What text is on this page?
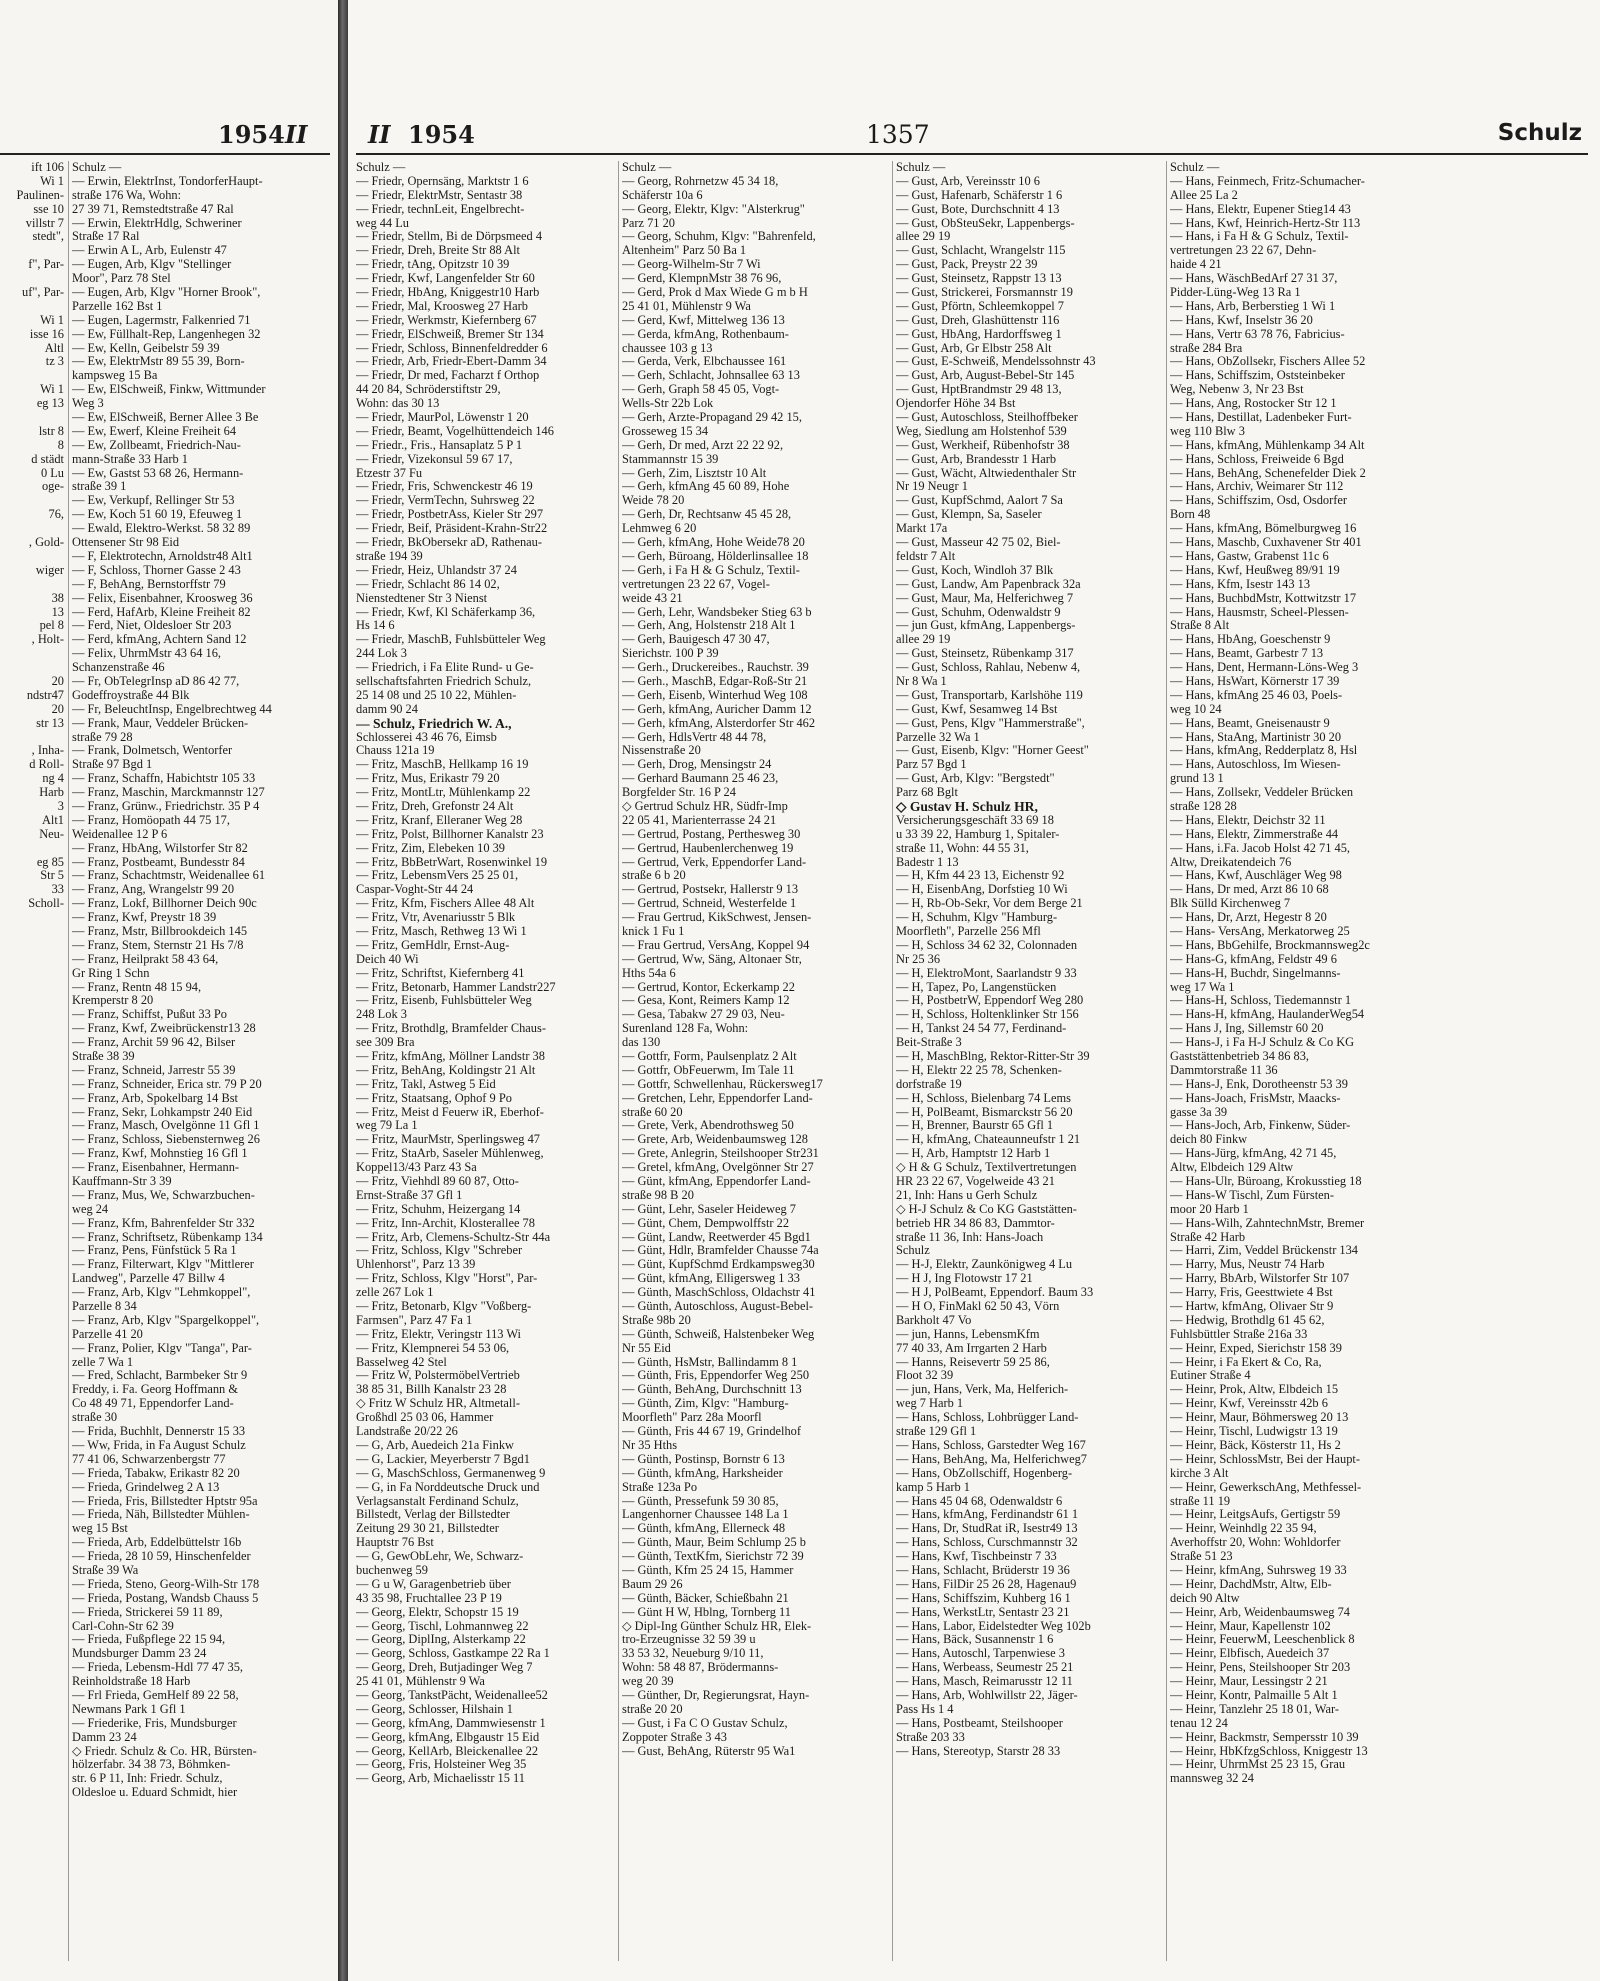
1954 II
ift 106
Wi 1
Paulinen-
sse 10
villstr 7
stedt",
f", Par-
uf", Par-
Wi 1
isse 16
Altl
tz 3
Wi 1
eg 13
lstr 8
8
d städt
0 Lu
oge-
76,
, Gold-
wiger
38
13
pel 8
, Holt-
20
ndstr47
20
str 13
, Inha-
d Roll-
ng 4
Harb
3
Alt1
Neu-
eg 85
Str 5
33
Scholl-
Schulz —
— Erwin, ElektrInst, TondorferHaupt-
straße 176 Wa, Wohn:
27 39 71, Remstedtstraße 47 Ral
— Erwin, ElektrHdlg, Schweriner
Straße 17 Ral
— Erwin A L, Arb, Eulenstr 47
— Eugen, Arb, Klgv "Stellinger
Moor", Parz 78 Stel
— Eugen, Arb, Klgv "Horner Brook",
Parzelle 162 Bst 1
— Eugen, Lagermstr, Falkenried 71
— Ew, Füllhalt-Rep, Langenhegen 32
— Ew, Kelln, Geibelstr 59 39
— Ew, ElektrMstr 89 55 39, Born-
kampsweg 15 Ba
— Ew, ElSchweiß, Finkw, Wittmunder
Weg 3
— Ew, ElSchweiß, Berner Allee 3 Be
— Ew, Ewerf, Kleine Freiheit 64
— Ew, Zollbeamt, Friedrich-Nau-
mann-Straße 33 Harb 1
— Ew, Gastst 53 68 26, Hermann-
straße 39 1
— Ew, Verkupf, Rellinger Str 53
— Ew, Koch 51 60 19, Efeuweg 1
— Ewald, Elektro-Werkst. 58 32 89
Ottensener Str 98 Eid
— F, Elektrotechn, Arnoldstr48 Alt1
— F, Schloss, Thorner Gasse 2 43
— F, BehAng, Bernstorffstr 79
— Felix, Eisenbahner, Kroosweg 36
— Ferd, HafArb, Kleine Freiheit 82
— Ferd, Niet, Oldesloer Str 203
— Ferd, kfmAng, Achtern Sand 12
— Felix, UhrmMstr 43 64 16,
Schanzenstraße 46
— Fr, ObTelegrInsp aD 86 42 77,
Godeffroystraße 44 Blk
— Fr, BeleuchtInsp, Engelbrechtweg 44
— Frank, Maur, Veddeler Brücken-
straße 79 28
— Frank, Dolmetsch, Wentorfer
Straße 97 Bgd 1
— Franz, Schaffn, Habichtstr 105 33
— Franz, Maschin, Marckmannstr 127
— Franz, Grünw., Friedrichstr. 35 P 4
— Franz, Homöopath 44 75 17,
Weidenallee 12 P 6
— Franz, HbAng, Wilstorfer Str 82
— Franz, Postbeamt, Bundesstr 84
— Franz, Schachtmstr, Weidenallee 61
— Franz, Ang, Wrangelstr 99 20
— Franz, Lokf, Billhorner Deich 90c
— Franz, Kwf, Preystr 18 39
— Franz, Mstr, Billbrookdeich 145
— Franz, Stem, Sternstr 21 Hs 7/8
— Franz, Heilprakt 58 43 64,
Gr Ring 1 Schn
— Franz, Rentn 48 15 94,
Kremperstr 8 20
— Franz, Schiffst, Pußut 33 Po
— Franz, Kwf, Zweibrückenstr13 28
— Franz, Archit 59 96 42, Bilser
Straße 38 39
— Franz, Schneid, Jarrestr 55 39
— Franz, Schneider, Erica str. 79 P 20
— Franz, Arb, Spokelbarg 14 Bst
— Franz, Sekr, Lohkampstr 240 Eid
— Franz, Masch, Ovelgönne 11 Gfl 1
— Franz, Schloss, Siebensternweg 26
— Franz, Kwf, Mohnstieg 16 Gfl 1
— Franz, Eisenbahner, Hermann-
Kauffmann-Str 3 39
— Franz, Mus, We, Schwarzbuchen-
weg 24
— Franz, Kfm, Bahrenfelder Str 332
— Franz, Schriftsetz, Rübenkamp 134
— Franz, Pens, Fünfstück 5 Ra 1
— Franz, Filterwart, Klgv "Mittlerer
Landweg", Parzelle 47 Billw 4
— Franz, Arb, Klgv "Lehmkoppel",
Parzelle 8 34
— Franz, Arb, Klgv "Spargelkoppel",
Parzelle 41 20
— Franz, Polier, Klgv "Tanga", Par-
zelle 7 Wa 1
— Fred, Schlacht, Barmbeker Str 9
Freddy, i. Fa. Georg Hoffmann &
Co 48 49 71, Eppendorfer Land-
straße 30
— Frida, Buchhlt, Dennerstr 15 33
— Ww, Frida, in Fa August Schulz
77 41 06, Schwarzenbergstr 77
— Frieda, Tabakw, Erikastr 82 20
— Frieda, Grindelweg 2 A 13
— Frieda, Fris, Billstedter Hptstr 95a
— Frieda, Näh, Billstedter Mühlen-
weg 15 Bst
— Frieda, Arb, Eddelbüttelstr 16b
— Frieda, 28 10 59, Hinschenfelder
Straße 39 Wa
— Frieda, Steno, Georg-Wilh-Str 178
— Frieda, Postang, Wandsb Chauss 5
— Frieda, Strickerei 59 11 89,
Carl-Cohn-Str 62 39
— Frieda, Fußpflege 22 15 94,
Mundsburger Damm 23 24
— Frieda, Lebensm-Hdl 77 47 35,
Reinholdstraße 18 Harb
— Frl Frieda, GemHelf 89 22 58,
Newmans Park 1 Gfl 1
— Friederike, Fris, Mundsburger
Damm 23 24
◇ Friedr. Schulz & Co. HR, Bürsten-
hölzerfabr. 34 38 73, Böhmken-
str. 6 P 11, Inh: Friedr. Schulz,
Oldesloe u. Eduard Schmidt, hier
II 1954	1357	Schulz
Schulz —
— Friedr, Opernsäng, Marktstr 1 6
— Friedr, ElektrMstr, Sentastr 38
— Friedr, technLeit, Engelbrecht-
weg 44 Lu
— Friedr, Stellm, Bi de Dörpsmeed 4
— Friedr, Dreh, Breite Str 88 Alt
— Friedr, tAng, Opitzstr 10 39
— Friedr, Kwf, Langenfelder Str 60
— Friedr, HbAng, Kniggestr10 Harb
— Friedr, Mal, Kroosweg 27 Harb
— Friedr, Werkmstr, Kiefernberg 67
— Friedr, ElSchweiß, Bremer Str 134
— Friedr, Schloss, Binnenfeldredder 6
— Friedr, Arb, Friedr-Ebert-Damm 34
— Friedr, Dr med, Facharzt f Orthop
44 20 84, Schröderstiftstr 29,
Wohn: das 30 13
— Friedr, MaurPol, Löwenstr 1 20
— Friedr, Beamt, Vogelhüttendeich 146
— Friedr., Fris., Hansaplatz 5 P 1
— Friedr, Vizekonsul 59 67 17,
Etzestr 37 Fu
— Friedr, Fris, Schwenckestr 46 19
— Friedr, VermTechn, Suhrsweg 22
— Friedr, PostbetrAss, Kieler Str 297
— Friedr, Beif, Präsident-Krahn-Str22
— Friedr, BkObersekr aD, Rathenau-
straße 194 39
— Friedr, Heiz, Uhlandstr 37 24
— Friedr, Schlacht 86 14 02,
Nienstedtener Str 3 Nienst
— Friedr, Kwf, Kl Schäferkamp 36,
Hs 14 6
— Friedr, MaschB, Fuhlsbütteler Weg
244 Lok 3
— Friedrich, i Fa Elite Rund- u Ge-
sellschaftsfahrten Friedrich Schulz,
25 14 08 und 25 10 22, Mühlen-
damm 90 24
— Schulz, Friedrich W. A.,
Schlosserei 43 46 76, Eimsb
Chauss 121a 19
— Fritz, MaschB, Hellkamp 16 19
— Fritz, Mus, Erikastr 79 20
— Fritz, MontLtr, Mühlenkamp 22
— Fritz, Dreh, Grefonstr 24 Alt
— Fritz, Kranf, Elleraner Weg 28
— Fritz, Polst, Billhorner Kanalstr 23
— Fritz, Zim, Elebeken 10 39
— Fritz, BbBetrWart, Rosenwinkel 19
— Fritz, LebensmVers 25 25 01,
Caspar-Voght-Str 44 24
— Fritz, Kfm, Fischers Allee 48 Alt
— Fritz, Vtr, Avenariusstr 5 Blk
— Fritz, Masch, Rethweg 13 Wi 1
— Fritz, GemHdlr, Ernst-Aug-
Deich 40 Wi
— Fritz, Schriftst, Kiefernberg 41
— Fritz, Betonarb, Hammer Landstr227
— Fritz, Eisenb, Fuhlsbütteler Weg
248 Lok 3
— Fritz, Brothdlg, Bramfelder Chaus-
see 309 Bra
— Fritz, kfmAng, Möllner Landstr 38
— Fritz, BehAng, Koldingstr 21 Alt
— Fritz, Takl, Astweg 5 Eid
— Fritz, Staatsang, Ophof 9 Po
— Fritz, Meist d Feuerw iR, Eberhof-
weg 79 La 1
— Fritz, MaurMstr, Sperlingsweg 47
— Fritz, StaArb, Saseler Mühlenweg,
Koppel13/43 Parz 43 Sa
— Fritz, Viehhdl 89 60 87, Otto-
Ernst-Straße 37 Gfl 1
— Fritz, Schuhm, Heizergang 14
— Fritz, Inn-Archit, Klosterallee 78
— Fritz, Arb, Clemens-Schultz-Str 44a
— Fritz, Schloss, Klgv "Schreber
Uhlenhorst", Parz 13 39
— Fritz, Schloss, Klgv "Horst", Par-
zelle 267 Lok 1
— Fritz, Betonarb, Klgv "Voßberg-
Farmsen", Parz 47 Fa 1
— Fritz, Elektr, Veringstr 113 Wi
— Fritz, Klempnerei 54 53 06,
Basselweg 42 Stel
— Fritz W, PolstermöbelVertrieb
38 85 31, Billh Kanalstr 23 28
◇ Fritz W Schulz HR, Altmetall-
Großhdl 25 03 06, Hammer
Landstraße 20/22 26
— G, Arb, Auedeich 21a Finkw
— G, Lackier, Meyerberstr 7 Bgd1
— G, MaschSchloss, Germanenweg 9
— G, in Fa Norddeutsche Druck und
Verlagsanstalt Ferdinand Schulz,
Billstedt, Verlag der Billstedter
Zeitung 29 30 21, Billstedter
Hauptstr 76 Bst
— G, GewObLehr, We, Schwarz-
buchenweg 59
— G u W, Garagenbetrieb über
43 35 98, Fruchtallee 23 P 19
— Georg, Elektr, Schopstr 15 19
— Georg, Tischl, Lohmannweg 22
— Georg, DiplIng, Alsterkamp 22
— Georg, Schloss, Gastkampe 22 Ra 1
— Georg, Dreh, Butjadinger Weg 7
25 41 01, Mühlenstr 9 Wa
— Georg, TankstPächt, Weidenallee52
— Georg, Schlosser, Hilshain 1
— Georg, kfmAng, Dammwiesenstr 1
— Georg, kfmAng, Elbgaustr 15 Eid
— Georg, KellArb, Bleickenallee 22
— Georg, Fris, Holsteiner Weg 35
— Georg, Arb, Michaelisstr 15 11
Schulz —
— Georg, Rohrnetzw 45 34 18,
Schäferstr 10a 6
— Georg, Elektr, Klgv: "Alsterkrug"
Parz 71 20
— Georg, Schuhm, Klgv: "Bahrenfeld,
Altenheim" Parz 50 Ba 1
— Georg-Wilhelm-Str 7 Wi
— Gerd, KlempnMstr 38 76 96,
— Gerd, Prok d Max Wiede G m b H
25 41 01, Mühlenstr 9 Wa
— Gerd, Kwf, Mittelweg 136 13
— Gerda, kfmAng, Rothenbaum-
chaussee 103 g 13
— Gerda, Verk, Elbchaussee 161
— Gerh, Schlacht, Johnsallee 63 13
— Gerh, Graph 58 45 05, Vogt-
Wells-Str 22b Lok
— Gerh, Arzte-Propagand 29 42 15,
Grosseweg 15 34
— Gerh, Dr med, Arzt 22 22 92,
Stammannstr 15 39
— Gerh, Zim, Lisztstr 10 Alt
— Gerh, kfmAng 45 60 89, Hohe
Weide 78 20
— Gerh, Dr, Rechtsanw 45 45 28,
Lehmweg 6 20
— Gerh, kfmAng, Hohe Weide78 20
— Gerh, Büroang, Hölderlinsallee 18
— Gerh, i Fa H & G Schulz, Textil-
vertretungen 23 22 67, Vogel-
weide 43 21
— Gerh, Lehr, Wandsbeker Stieg 63 b
— Gerh, Ang, Holstenstr 218 Alt 1
— Gerh, Bauigesch 47 30 47,
Sierichstr. 100 P 39
— Gerh., Druckereibes., Rauchstr. 39
— Gerh., MaschB, Edgar-Roß-Str 21
— Gerh, Eisenb, Winterhud Weg 108
— Gerh, kfmAng, Auricher Damm 12
— Gerh, kfmAng, Alsterdorfer Str 462
— Gerh, HdlsVertr 48 44 78,
Nissenstraße 20
— Gerh, Drog, Mensingstr 24
— Gerhard Baumann 25 46 23,
Borgfelder Str. 16 P 24
◇ Gertrud Schulz HR, Südfr-Imp
22 05 41, Marienterrasse 24 21
— Gertrud, Postang, Perthesweg 30
— Gertrud, Haubenlerchenweg 19
— Gertrud, Verk, Eppendorfer Land-
straße 6 b 20
— Gertrud, Postsekr, Hallerstr 9 13
— Gertrud, Schneid, Westerfelde 1
— Frau Gertrud, KikSchwest, Jensen-
knick 1 Fu 1
— Frau Gertrud, VersAng, Koppel 94
— Gertrud, Ww, Säng, Altonaer Str,
Hths 54a 6
— Gertrud, Kontor, Eckerkamp 22
— Gesa, Kont, Reimers Kamp 12
— Gesa, Tabakw 27 29 03, Neu-
Surenland 128 Fa, Wohn:
das 130
— Gottfr, Form, Paulsenplatz 2 Alt
— Gottfr, ObFeuerwm, Im Tale 11
— Gottfr, Schwellenhau, Rückersweg17
— Gretchen, Lehr, Eppendorfer Land-
straße 60 20
— Grete, Verk, Abendrothsweg 50
— Grete, Arb, Weidenbaumsweg 128
— Grete, Anlegrin, Steilshooper Str231
— Gretel, kfmAng, Ovelgönner Str 27
— Günt, kfmAng, Eppendorfer Land-
straße 98 B 20
— Günt, Lehr, Saseler Heideweg 7
— Günt, Chem, Dempwolffstr 22
— Günt, Landw, Reetwerder 45 Bgd1
— Günt, Hdlr, Bramfelder Chausse 74a
— Günt, KupfSchmd Erdkampsweg30
— Günt, kfmAng, Elligersweg 1 33
— Günth, MaschSchloss, Oldachstr 41
— Günth, Autoschloss, August-Bebel-
Straße 98b 20
— Günth, Schweiß, Halstenbeker Weg
Nr 55 Eid
— Günth, HsMstr, Ballindamm 8 1
— Günth, Fris, Eppendorfer Weg 250
— Günth, BehAng, Durchschnitt 13
— Günth, Zim, Klgv: "Hamburg-
Moorfleth" Parz 28a Moorfl
— Günth, Fris 44 67 19, Grindelhof
Nr 35 Hths
— Günth, Postinsp, Bornstr 6 13
— Günth, kfmAng, Harksheider
Straße 123a Po
— Günth, Pressefunk 59 30 85,
Langenhorner Chaussee 148 La 1
— Günth, kfmAng, Ellerneck 48
— Günth, Maur, Beim Schlump 25 b
— Günth, TextKfm, Sierichstr 72 39
— Günth, Kfm 25 24 15, Hammer
Baum 29 26
— Günth, Bäcker, Schießbahn 21
— Günt H W, Hblng, Tornberg 11
◇ Dipl-Ing Günther Schulz HR, Elek-
tro-Erzeugnisse 32 59 39 u
33 53 32, Neueburg 9/10 11,
Wohn: 58 48 87, Brödermanns-
weg 20 39
— Günther, Dr, Regierungsrat, Hayn-
straße 20 20
— Gust, i Fa C O Gustav Schulz,
Zoppoter Straße 3 43
— Gust, BehAng, Rüterstr 95 Wa1
Schulz —
— Gust, Arb, Vereinsstr 10 6
— Gust, Hafenarb, Schäferstr 1 6
— Gust, Bote, Durchschnitt 4 13
— Gust, ObSteuSekr, Lappenbergs-
allee 29 19
— Gust, Schlacht, Wrangelstr 115
— Gust, Pack, Preystr 22 39
— Gust, Steinsetz, Rappstr 13 13
— Gust, Strickerei, Forsmannstr 19
— Gust, Pförtn, Schleemkoppel 7
— Gust, Dreh, Glashüttenstr 116
— Gust, HbAng, Hardorffsweg 1
— Gust, Arb, Gr Elbstr 258 Alt
— Gust, E-Schweiß, Mendelssohnstr 43
— Gust, Arb, August-Bebel-Str 145
— Gust, HptBrandmstr 29 48 13,
Ojendorfer Höhe 34 Bst
— Gust, Autoschloss, Steilhoffbeker
Weg, Siedlung am Holstenhof 539
— Gust, Werkheif, Rübenhofstr 38
— Gust, Arb, Brandesstr 1 Harb
— Gust, Wächt, Altwiedenthaler Str
Nr 19 Neugr 1
— Gust, KupfSchmd, Aalort 7 Sa
— Gust, Klempn, Sa, Saseler
Markt 17a
— Gust, Masseur 42 75 02, Biel-
feldstr 7 Alt
— Gust, Koch, Windloh 37 Blk
— Gust, Landw, Am Papenbrack 32a
— Gust, Maur, Ma, Helferichweg 7
— Gust, Schuhm, Odenwaldstr 9
— jun Gust, kfmAng, Lappenbergs-
allee 29 19
— Gust, Steinsetz, Rübenkamp 317
— Gust, Schloss, Rahlau, Nebenw 4,
Nr 8 Wa 1
— Gust, Transportarb, Karlshöhe 119
— Gust, Kwf, Sesamweg 14 Bst
— Gust, Pens, Klgv "Hammerstraße",
Parzelle 32 Wa 1
— Gust, Eisenb, Klgv: "Horner Geest"
Parz 57 Bgd 1
— Gust, Arb, Klgv: "Bergstedt"
Parz 68 Bglt
◇ Gustav H. Schulz HR,
Versicherungsgeschäft 33 69 18
u 33 39 22, Hamburg 1, Spitaler-
straße 11, Wohn: 44 55 31,
Badestr 1 13
— H, Kfm 44 23 13, Eichenstr 92
— H, EisenbAng, Dorfstieg 10 Wi
— H, Rb-Ob-Sekr, Vor dem Berge 21
— H, Schuhm, Klgv "Hamburg-
Moorfleth", Parzelle 256 Mfl
— H, Schloss 34 62 32, Colonnaden
Nr 25 36
— H, ElektroMont, Saarlandstr 9 33
— H, Tapez, Po, Langenstücken
— H, PostbetrW, Eppendorf Weg 280
— H, Schloss, Holtenklinker Str 156
— H, Tankst 24 54 77, Ferdinand-
Beit-Straße 3
— H, MaschBlng, Rektor-Ritter-Str 39
— H, Elektr 22 25 78, Schenken-
dorfstraße 19
— H, Schloss, Bielenbarg 74 Lems
— H, PolBeamt, Bismarckstr 56 20
— H, Brenner, Baurstr 65 Gfl 1
— H, kfmAng, Chateaunneufstr 1 21
— H, Arb, Hamptstr 12 Harb 1
◇ H & G Schulz, Textilvertretungen
HR 23 22 67, Vogelweide 43 21
21, Inh: Hans u Gerh Schulz
◇ H-J Schulz & Co KG Gaststätten-
betrieb HR 34 86 83, Dammtor-
straße 11 36, Inh: Hans-Joach
Schulz
— H-J, Elektr, Zaunkönigweg 4 Lu
— H J, Ing Flotowstr 17 21
— H J, PolBeamt, Eppendorf. Baum 33
— H O, FinMakl 62 50 43, Vörn
Barkholt 47 Vo
— jun, Hanns, LebensmKfm
77 40 33, Am Irrgarten 2 Harb
— Hanns, Reisevertr 59 25 86,
Floot 32 39
— jun, Hans, Verk, Ma, Helferich-
weg 7 Harb 1
— Hans, Schloss, Lohbrügger Land-
straße 129 Gfl 1
— Hans, Schloss, Garstedter Weg 167
— Hans, BehAng, Ma, Helferichweg7
— Hans, ObZollschiff, Hogenberg-
kamp 5 Harb 1
— Hans 45 04 68, Odenwaldstr 6
— Hans, kfmAng, Ferdinandstr 61 1
— Hans, Dr, StudRat iR, Isestr49 13
— Hans, Schloss, Curschmannstr 32
— Hans, Kwf, Tischbeinstr 7 33
— Hans, Schlacht, Brüderstr 19 36
— Hans, FilDir 25 26 28, Hagenau9
— Hans, Schiffszim, Kuhberg 16 1
— Hans, WerkstLtr, Sentastr 23 21
— Hans, Labor, Eidelstedter Weg 102b
— Hans, Bäck, Susannenstr 1 6
— Hans, Autoschl, Tarpenwiese 3
— Hans, Werbeass, Seumestr 25 21
— Hans, Masch, Reimarusstr 12 11
— Hans, Arb, Wohlwillstr 22, Jäger-
Pass Hs 1 4
— Hans, Postbeamt, Steilshooper
Straße 203 33
— Hans, Stereotyp, Starstr 28 33
Schulz —
— Hans, Feinmech, Fritz-Schumacher-
Allee 25 La 2
— Hans, Elektr, Eupener Stieg14 43
— Hans, Kwf, Heinrich-Hertz-Str 113
— Hans, i Fa H & G Schulz, Textil-
vertretungen 23 22 67, Dehn-
haide 4 21
— Hans, WäschBedArf 27 31 37,
Pidder-Lüng-Weg 13 Ra 1
— Hans, Arb, Berberstieg 1 Wi 1
— Hans, Kwf, Inselstr 36 20
— Hans, Vertr 63 78 76, Fabricius-
straße 284 Bra
— Hans, ObZollsekr, Fischers Allee 52
— Hans, Schiffszim, Oststeinbeker
Weg, Nebenw 3, Nr 23 Bst
— Hans, Ang, Rostocker Str 12 1
— Hans, Destillat, Ladenbeker Furt-
weg 110 Blw 3
— Hans, kfmAng, Mühlenkamp 34 Alt
— Hans, Schloss, Freiweide 6 Bgd
— Hans, BehAng, Schenefelder Diek 2
— Hans, Archiv, Weimarer Str 112
— Hans, Schiffszim, Osd, Osdorfer
Born 48
— Hans, kfmAng, Bömelburgweg 16
— Hans, Maschb, Cuxhavener Str 401
— Hans, Gastw, Grabenst 11c 6
— Hans, Kwf, Heußweg 89/91 19
— Hans, Kfm, Isestr 143 13
— Hans, BuchbdMstr, Kottwitzstr 17
— Hans, Hausmstr, Scheel-Plessen-
Straße 8 Alt
— Hans, HbAng, Goeschenstr 9
— Hans, Beamt, Garbestr 7 13
— Hans, Dent, Hermann-Löns-Weg 3
— Hans, HsWart, Körnerstr 17 39
— Hans, kfmAng 25 46 03, Poels-
weg 10 24
— Hans, Beamt, Gneisenaustr 9
— Hans, StaAng, Martinistr 30 20
— Hans, kfmAng, Redderplatz 8, Hsl
— Hans, Autoschloss, Im Wiesen-
grund 13 1
— Hans, Zollsekr, Veddeler Brücken
straße 128 28
— Hans, Elektr, Deichstr 32 11
— Hans, Elektr, Zimmerstraße 44
— Hans, i.Fa. Jacob Holst 42 71 45,
Altw, Dreikatendeich 76
— Hans, Kwf, Auschläger Weg 98
— Hans, Dr med, Arzt 86 10 68
Blk Sülld Kirchenweg 7
— Hans, Dr, Arzt, Hegestr 8 20
— Hans- VersAng, Merkatorweg 25
— Hans, BbGehilfe, Brockmannsweg2c
— Hans-G, kfmAng, Feldstr 49 6
— Hans-H, Buchdr, Singelmanns-
weg 17 Wa 1
— Hans-H, Schloss, Tiedemannstr 1
— Hans-H, kfmAng, HaulanderWeg54
— Hans J, Ing, Sillemstr 60 20
— Hans-J, i Fa H-J Schulz & Co KG
Gaststättenbetrieb 34 86 83,
Dammtorstraße 11 36
— Hans-J, Enk, Dorotheenstr 53 39
— Hans-Joach, FrisMstr, Maacks-
gasse 3a 39
— Hans-Joch, Arb, Finkenw, Süder-
deich 80 Finkw
— Hans-Jürg, kfmAng, 42 71 45,
Altw, Elbdeich 129 Altw
— Hans-Ulr, Büroang, Krokusstieg 18
— Hans-W Tischl, Zum Fürsten-
moor 20 Harb 1
— Hans-Wilh, ZahntechnMstr, Bremer
Straße 42 Harb
— Harri, Zim, Veddel Brückenstr 134
— Harry, Mus, Neustr 74 Harb
— Harry, BbArb, Wilstorfer Str 107
— Harry, Fris, Geesttwiete 4 Bst
— Hartw, kfmAng, Olivaer Str 9
— Hedwig, Brothdlg 61 45 62,
Fuhlsbüttler Straße 216a 33
— Heinr, Exped, Sierichstr 158 39
— Heinr, i Fa Ekert & Co, Ra,
Eutiner Straße 4
— Heinr, Prok, Altw, Elbdeich 15
— Heinr, Kwf, Vereinsstr 42b 6
— Heinr, Maur, Böhmersweg 20 13
— Heinr, Tischl, Ludwigstr 13 19
— Heinr, Bäck, Kösterstr 11, Hs 2
— Heinr, SchlossMstr, Bei der Haupt-
kirche 3 Alt
— Heinr, GewerkschAng, Methfessel-
straße 11 19
— Heinr, LeitgsAufs, Gertigstr 59
— Heinr, Weinhdlg 22 35 94,
Averhoffstr 20, Wohn: Wohldorfer
Straße 51 23
— Heinr, kfmAng, Suhrsweg 19 33
— Heinr, DachdMstr, Altw, Elb-
deich 90 Altw
— Heinr, Arb, Weidenbaumsweg 74
— Heinr, Maur, Kapellenstr 102
— Heinr, FeuerwM, Leeschenblick 8
— Heinr, Elbfisch, Auedeich 37
— Heinr, Pens, Steilshooper Str 203
— Heinr, Maur, Lessingstr 2 21
— Heinr, Kontr, Palmaille 5 Alt 1
— Heinr, Tanzlehr 25 18 01, War-
tenau 12 24
— Heinr, Backmstr, Sempersstr 10 39
— Heinr, HbKfzgSchloss, Kniggestr 13
— Heinr, UhrmMst 25 23 15, Grau
mannsweg 32 24
